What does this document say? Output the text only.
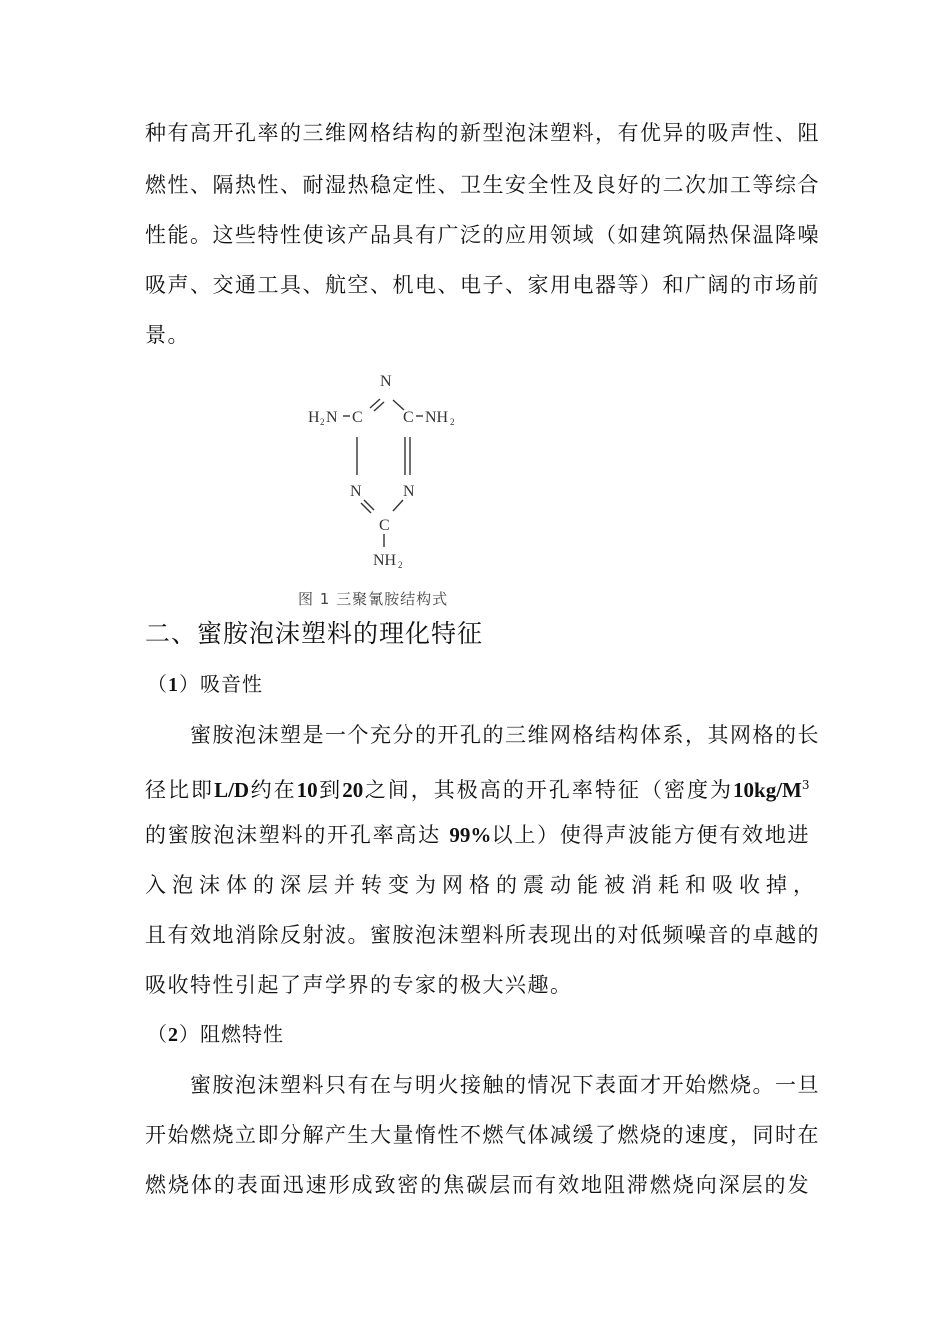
种有高开孔率的三维网格结构的新型泡沫塑料，有优异的吸声性、阻
燃性、隔热性、耐湿热稳定性、卫生安全性及良好的二次加工等综合
性能。这些特性使该产品具有广泛的应用领域（如建筑隔热保温降噪
吸声、交通工具、航空、机电、电子、家用电器等）和广阔的市场前
景。
N
H 2 N C	C NH 2
N	N
C
NH 2
图 1 三聚氰胺结构式
二、蜜胺泡沫塑料的理化特征
（1）吸音性
蜜胺泡沫塑是一个充分的开孔的三维网格结构体系，其网格的长
径比即L/D约在10到20之间，其极高的开孔率特征（密度为$10kg/M^3$
的蜜胺泡沫塑料的开孔率高达 99%以上）使得声波能方便有效地进
入泡沫体的深层并转变为网格的震动能被消耗和吸收掉，
且有效地消除反射波。蜜胺泡沫塑料所表现出的对低频噪音的卓越的
吸收特性引起了声学界的专家的极大兴趣。
（2）阻燃特性
蜜胺泡沫塑料只有在与明火接触的情况下表面才开始燃烧。一旦
开始燃烧立即分解产生大量惰性不燃气体减缓了燃烧的速度，同时在
燃烧体的表面迅速形成致密的焦碳层而有效地阻滞燃烧向深层的发
